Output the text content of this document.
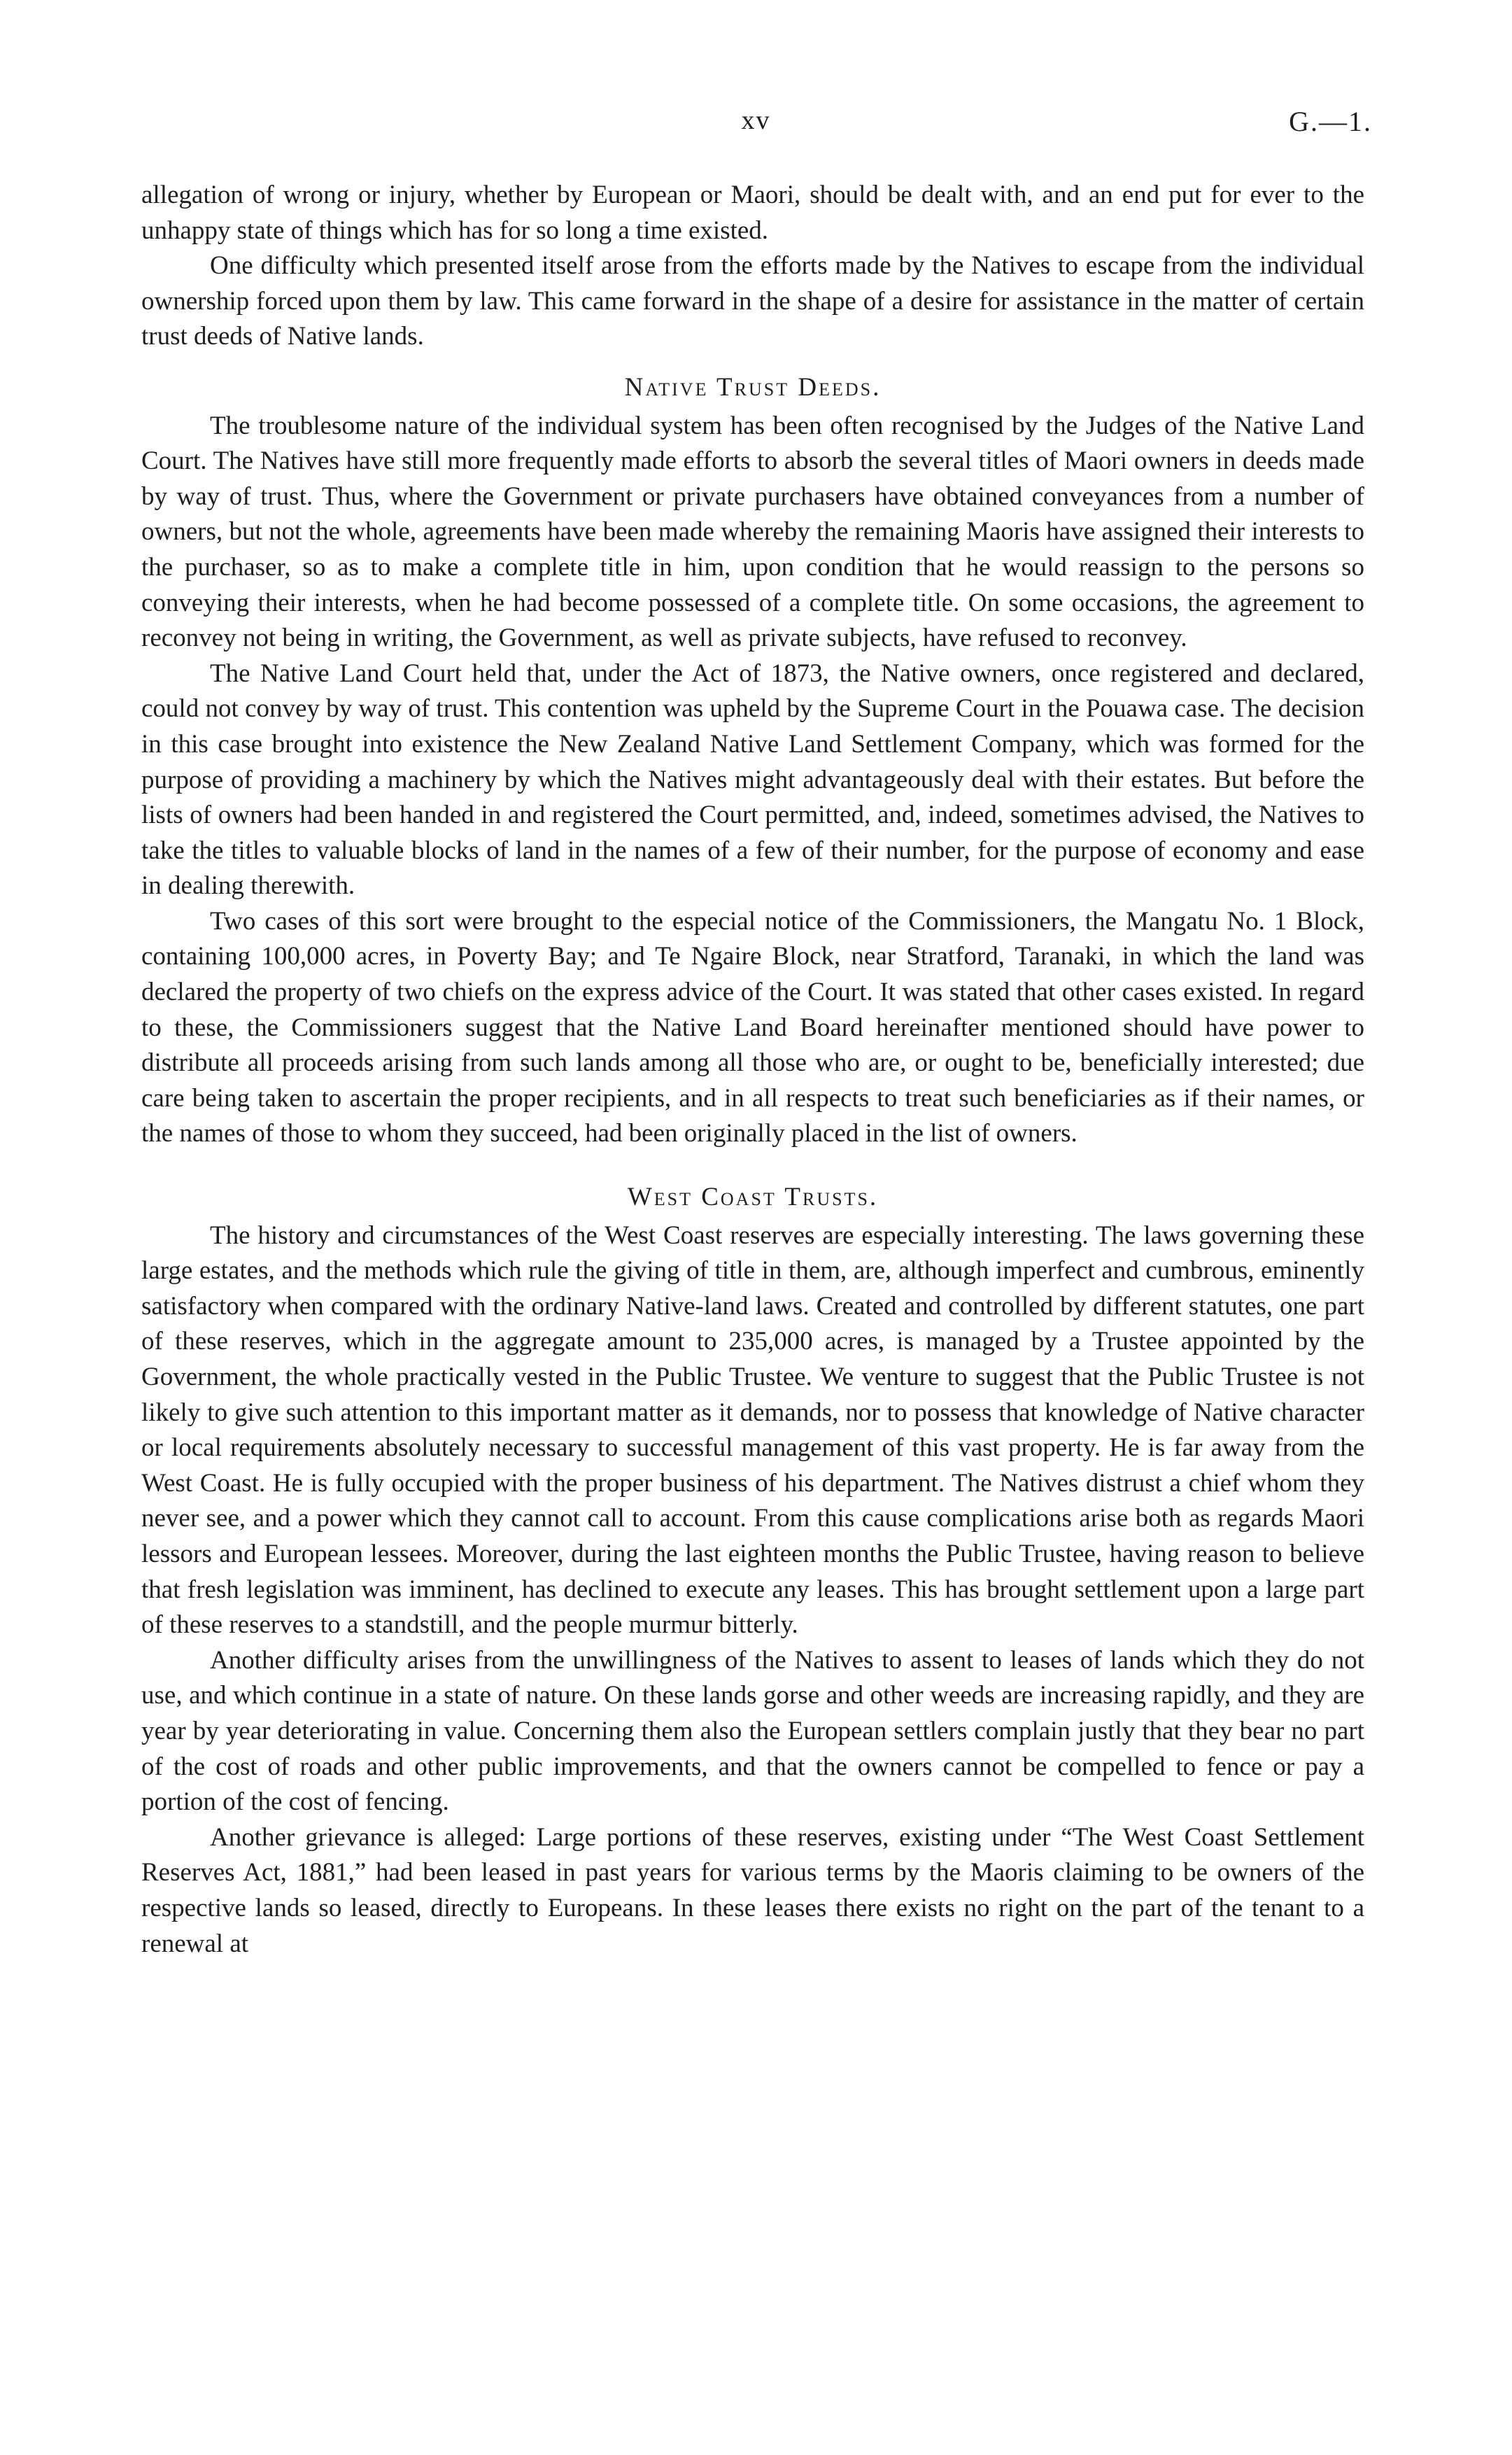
xv	G.—1.

allegation of wrong or injury, whether by European or Maori, should be dealt with, and an end put for ever to the unhappy state of things which has for so long a time existed.

One difficulty which presented itself arose from the efforts made by the Natives to escape from the individual ownership forced upon them by law. This came forward in the shape of a desire for assistance in the matter of certain trust deeds of Native lands.

Native Trust Deeds.

The troublesome nature of the individual system has been often recognised by the Judges of the Native Land Court. The Natives have still more frequently made efforts to absorb the several titles of Maori owners in deeds made by way of trust. Thus, where the Government or private purchasers have obtained conveyances from a number of owners, but not the whole, agreements have been made whereby the remaining Maoris have assigned their interests to the purchaser, so as to make a complete title in him, upon condition that he would reassign to the persons so conveying their interests, when he had become possessed of a complete title. On some occasions, the agreement to reconvey not being in writing, the Government, as well as private subjects, have refused to reconvey.

The Native Land Court held that, under the Act of 1873, the Native owners, once registered and declared, could not convey by way of trust. This contention was upheld by the Supreme Court in the Pouawa case. The decision in this case brought into existence the New Zealand Native Land Settlement Company, which was formed for the purpose of providing a machinery by which the Natives might advantageously deal with their estates. But before the lists of owners had been handed in and registered the Court permitted, and, indeed, sometimes advised, the Natives to take the titles to valuable blocks of land in the names of a few of their number, for the purpose of economy and ease in dealing therewith.

Two cases of this sort were brought to the especial notice of the Commissioners, the Mangatu No. 1 Block, containing 100,000 acres, in Poverty Bay; and Te Ngaire Block, near Stratford, Taranaki, in which the land was declared the property of two chiefs on the express advice of the Court. It was stated that other cases existed. In regard to these, the Commissioners suggest that the Native Land Board hereinafter mentioned should have power to distribute all proceeds arising from such lands among all those who are, or ought to be, beneficially interested; due care being taken to ascertain the proper recipients, and in all respects to treat such beneficiaries as if their names, or the names of those to whom they succeed, had been originally placed in the list of owners.

West Coast Trusts.

The history and circumstances of the West Coast reserves are especially interesting. The laws governing these large estates, and the methods which rule the giving of title in them, are, although imperfect and cumbrous, eminently satisfactory when compared with the ordinary Native-land laws. Created and controlled by different statutes, one part of these reserves, which in the aggregate amount to 235,000 acres, is managed by a Trustee appointed by the Government, the whole practically vested in the Public Trustee. We venture to suggest that the Public Trustee is not likely to give such attention to this important matter as it demands, nor to possess that knowledge of Native character or local requirements absolutely necessary to successful management of this vast property. He is far away from the West Coast. He is fully occupied with the proper business of his department. The Natives distrust a chief whom they never see, and a power which they cannot call to account. From this cause complications arise both as regards Maori lessors and European lessees. Moreover, during the last eighteen months the Public Trustee, having reason to believe that fresh legislation was imminent, has declined to execute any leases. This has brought settlement upon a large part of these reserves to a standstill, and the people murmur bitterly.

Another difficulty arises from the unwillingness of the Natives to assent to leases of lands which they do not use, and which continue in a state of nature. On these lands gorse and other weeds are increasing rapidly, and they are year by year deteriorating in value. Concerning them also the European settlers complain justly that they bear no part of the cost of roads and other public improvements, and that the owners cannot be compelled to fence or pay a portion of the cost of fencing.

Another grievance is alleged: Large portions of these reserves, existing under “The West Coast Settlement Reserves Act, 1881,” had been leased in past years for various terms by the Maoris claiming to be owners of the respective lands so leased, directly to Europeans. In these leases there exists no right on the part of the tenant to a renewal at
